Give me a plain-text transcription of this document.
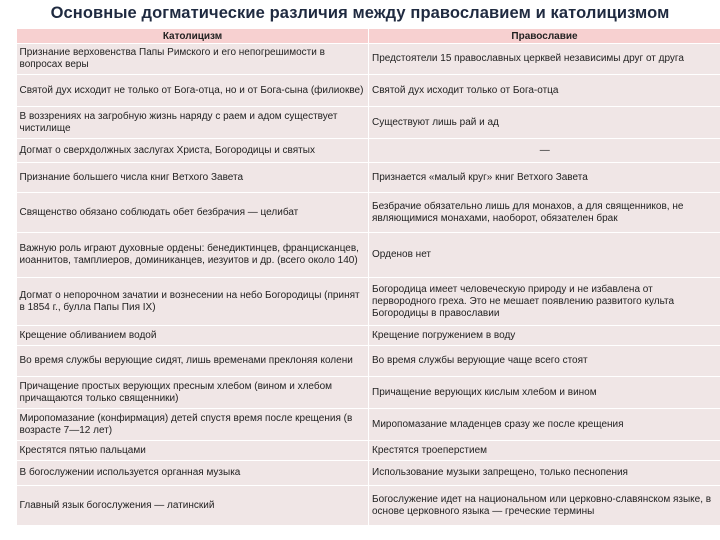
Основные догматические различия между православием и католицизмом
Католицизм	Православие
Признание верховенства Папы Римского и его непогрешимости в вопросах веры	Предстоятели 15 православных церквей независимы друг от друга
Святой дух исходит не только от Бога-отца, но и от Бога-сына (филиокве)	Святой дух исходит только от Бога-отца
В воззрениях на загробную жизнь наряду с раем и адом существует чистилище	Существуют лишь рай и ад
Догмат о сверхдолжных заслугах Христа, Богородицы и святых	—
Признание большего числа книг Ветхого Завета	Признается «малый круг» книг Ветхого Завета
Священство обязано соблюдать обет безбрачия — целибат	Безбрачие обязательно лишь для монахов, а для священников, не являющимися монахами, наоборот, обязателен брак
Важную роль играют духовные ордены: бенедиктинцев, францисканцев, иоаннитов, тамплиеров, доминиканцев, иезуитов и др. (всего около 140)	Орденов нет
Догмат о непорочном зачатии и вознесении на небо Богородицы (принят в 1854 г., булла Папы Пия IX)	Богородица имеет человеческую природу и не избавлена от первородного греха. Это не мешает появлению развитого культа Богородицы в православии
Крещение обливанием водой	Крещение погружением в воду
Во время службы верующие сидят, лишь временами преклоняя колени	Во время службы верующие чаще всего стоят
Причащение простых верующих пресным хлебом (вином и хлебом причащаются только священники)	Причащение верующих кислым хлебом и вином
Миропомазание (конфирмация) детей спустя время после крещения (в возрасте 7—12 лет)	Миропомазание младенцев сразу же после крещения
Крестятся пятью пальцами	Крестятся троеперстием
В богослужении используется органная музыка	Использование музыки запрещено, только песнопения
Главный язык богослужения — латинский	Богослужение идет на национальном или церковно-славянском языке, в основе церковного языка — греческие термины
